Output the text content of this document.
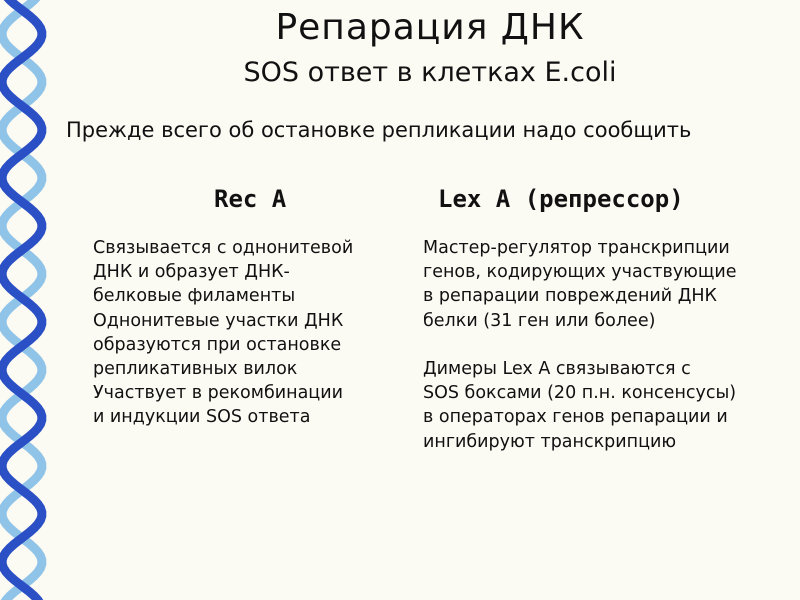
Репарация ДНК
SOS ответ в клетках E.coli
Прежде всего об остановке репликации надо сообщить
Rec A	Lex A (репрессор)
Связывается с однонитевой
ДНК и образует ДНК-
белковые филаменты
Однонитевые участки ДНК
образуются при остановке
репликативных вилок
Участвует в рекомбинации
и индукции SOS ответа
Мастер-регулятор транскрипции
генов, кодирующих участвующие
в репарации повреждений ДНК
белки (31 ген или более)
Димеры Lex A связываются с
SOS боксами (20 п.н. консенсусы)
в операторах генов репарации и
ингибируют транскрипцию
